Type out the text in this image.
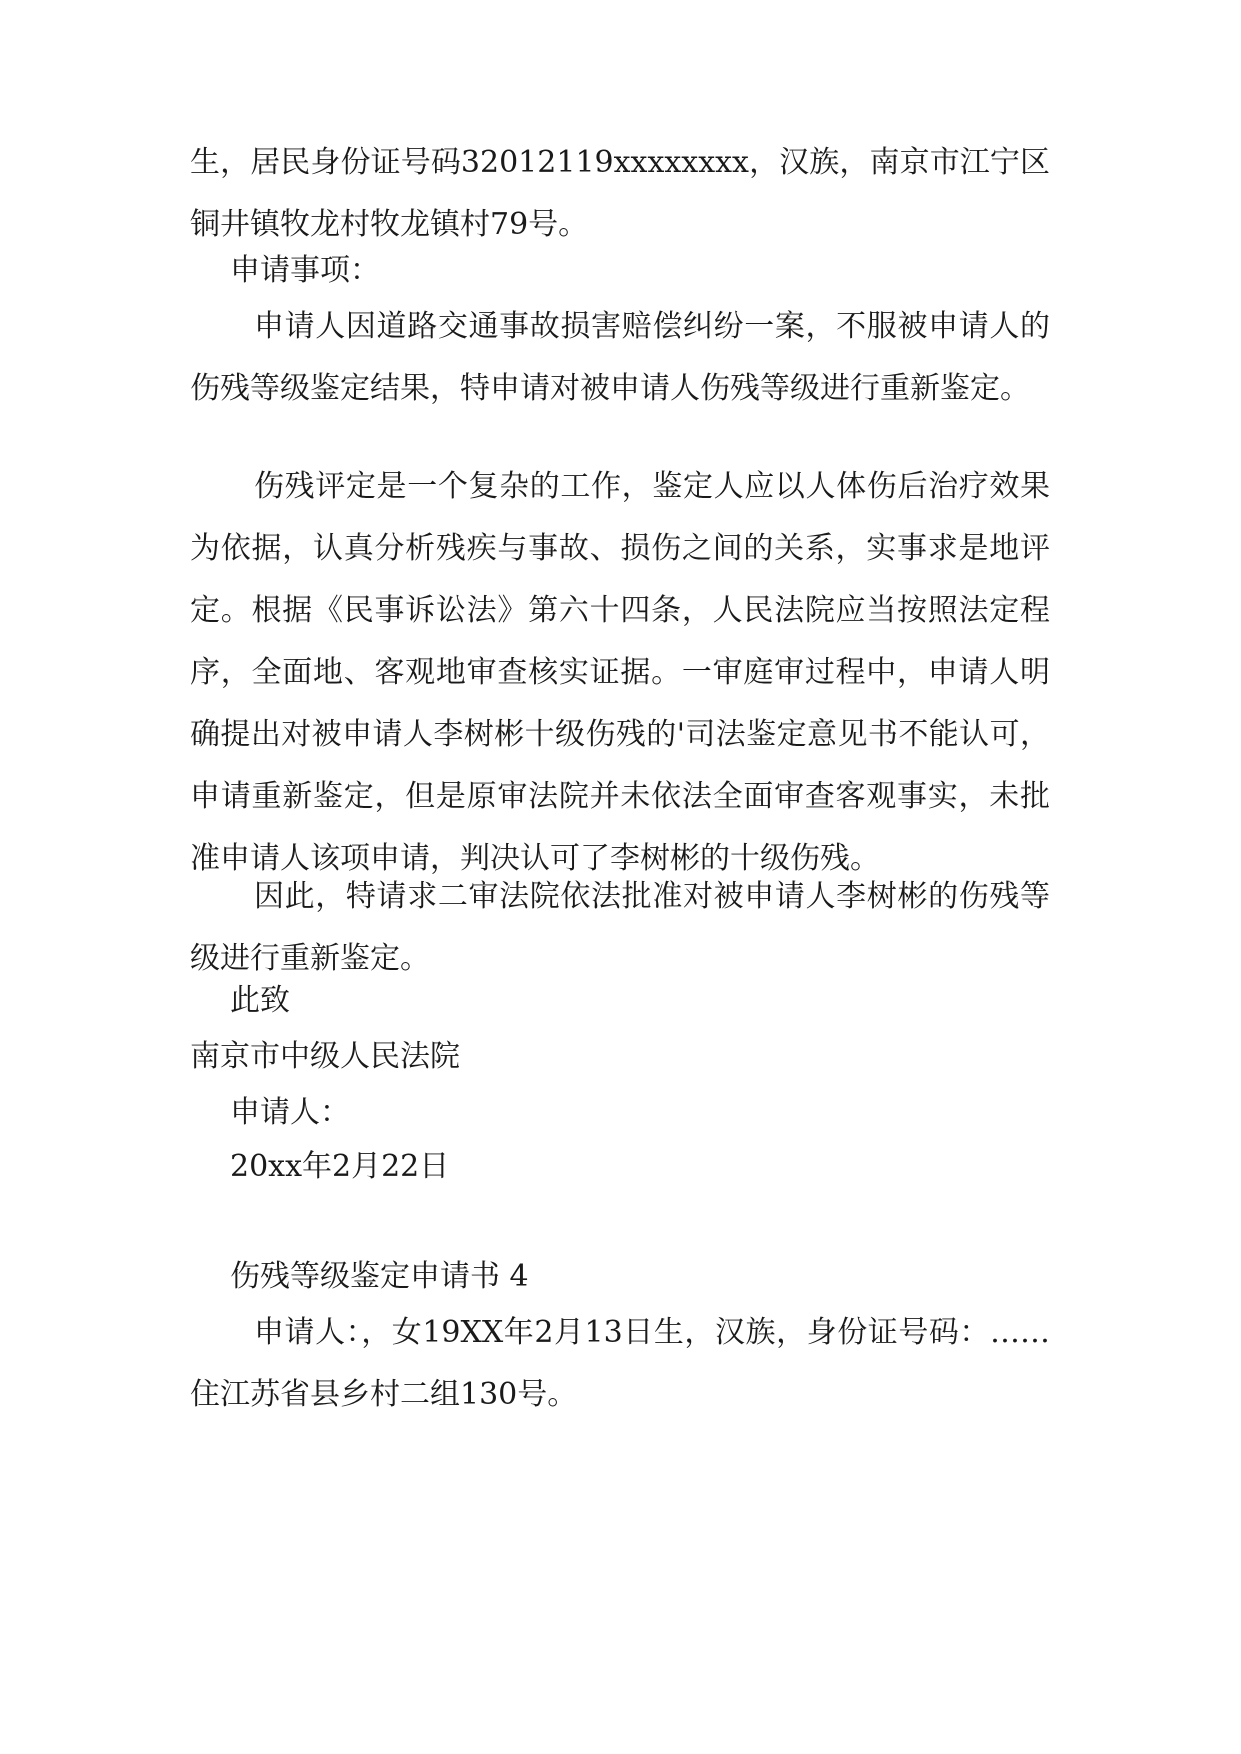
生，居民身份证号码32012119xxxxxxxx，汉族，南京市江宁区铜井镇牧龙村牧龙镇村79号。

申请事项：

申请人因道路交通事故损害赔偿纠纷一案，不服被申请人的伤残等级鉴定结果，特申请对被申请人伤残等级进行重新鉴定。

伤残评定是一个复杂的工作，鉴定人应以人体伤后治疗效果为依据，认真分析残疾与事故、损伤之间的关系，实事求是地评定。根据《民事诉讼法》第六十四条，人民法院应当按照法定程序，全面地、客观地审查核实证据。一审庭审过程中，申请人明确提出对被申请人李树彬十级伤残的'司法鉴定意见书不能认可，申请重新鉴定，但是原审法院并未依法全面审查客观事实，未批准申请人该项申请，判决认可了李树彬的十级伤残。

因此，特请求二审法院依法批准对被申请人李树彬的伤残等级进行重新鉴定。

此致

南京市中级人民法院

申请人：

20xx年2月22日

伤残等级鉴定申请书 4

申请人：，女19XX年2月13日生，汉族，身份证号码：……住江苏省县乡村二组130号。
